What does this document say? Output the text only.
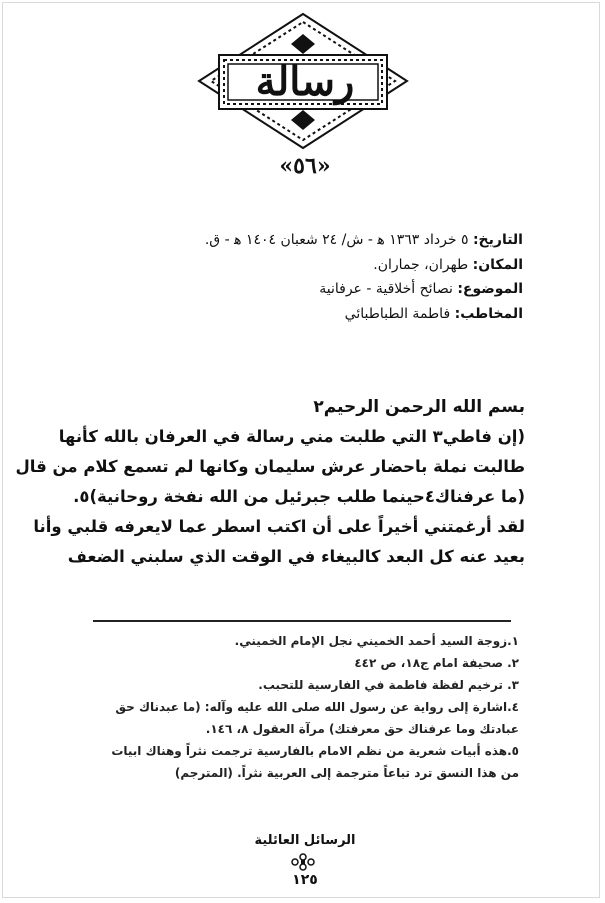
رسالة
«٥٦»
التاريخ: ٥ خرداد ١٣٦٣ ه‍ - ش/ ٢٤ شعبان ١٤٠٤ ه‍ - ق.
المكان: طهران، جماران.
الموضوع: نصائح أخلاقية - عرفانية
المخاطب: فاطمة الطباطبائي
بسم الله الرحمن الرحيم٢
(إن فاطي٣ التي طلبت مني رسالة في العرفان بالله كأنها
طالبت نملة باحضار عرش سليمان وكانها لم تسمع كلام من قال
(ما عرفناك٤حينما طلب جبرئيل من الله نفخة روحانية)٥.
لقد أرغمتني أخيراً على أن اكتب اسطر عما لايعرفه قلبي وأنا
بعيد عنه كل البعد كالبيغاء في الوقت الذي سلبني الضعف
١.زوجة السيد أحمد الخميني نجل الإمام الخميني.
٢. صحيفة امام ج١٨، ص ٤٤٢
٣. ترخيم لفظة فاطمة في الفارسية للتحبب.
٤.اشارة إلى رواية عن رسول الله صلى الله عليه وآله: (ما عبدناك حق
عبادتك وما عرفناك حق معرفتك) مرآة العقول ٨، ١٤٦.
٥.هذه أبيات شعرية من نظم الامام بالفارسية ترجمت نثراً وهناك ابيات
من هذا النسق ترد تباعاً مترجمة إلى العربية نثراً. (المترجم)
الرسائل العائلية
١٢٥
